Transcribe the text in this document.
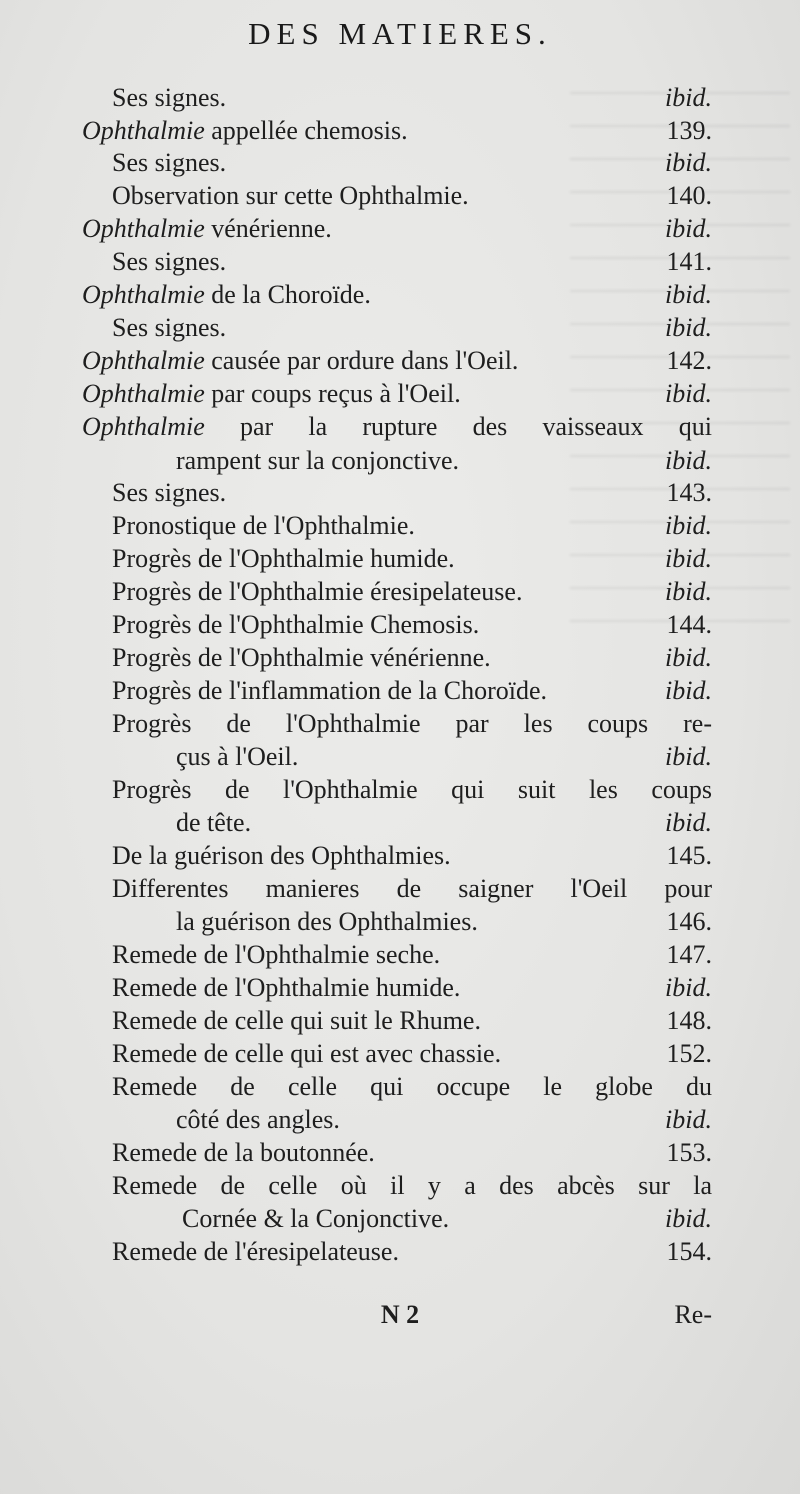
DES MATIERES.
Ses signes.	ibid.
Ophthalmie appellée chemosis.	139.
Ses signes.	ibid.
Observation sur cette Ophthalmie.	140.
Ophthalmie vénérienne.	ibid.
Ses signes.	141.
Ophthalmie de la Choroïde.	ibid.
Ses signes.	ibid.
Ophthalmie causée par ordure dans l'Oeil.	142.
Ophthalmie par coups reçus à l'Oeil.	ibid.
Ophthalmie par la rupture des vaisseaux qui
rampent sur la conjonctive.	ibid.
Ses signes.	143.
Pronostique de l'Ophthalmie.	ibid.
Progrès de l'Ophthalmie humide.	ibid.
Progrès de l'Ophthalmie éresipelateuse.	ibid.
Progrès de l'Ophthalmie Chemosis.	144.
Progrès de l'Ophthalmie vénérienne.	ibid.
Progrès de l'inflammation de la Choroïde.	ibid.
Progrès de l'Ophthalmie par les coups re-
çus à l'Oeil.	ibid.
Progrès de l'Ophthalmie qui suit les coups
de tête.	ibid.
De la guérison des Ophthalmies.	145.
Differentes manieres de saigner l'Oeil pour
la guérison des Ophthalmies.	146.
Remede de l'Ophthalmie seche.	147.
Remede de l'Ophthalmie humide.	ibid.
Remede de celle qui suit le Rhume.	148.
Remede de celle qui est avec chassie.	152.
Remede de celle qui occupe le globe du
côté des angles.	ibid.
Remede de la boutonnée.	153.
Remede de celle où il y a des abcès sur la
Cornée & la Conjonctive.	ibid.
Remede de l'éresipelateuse.	154.
N 2	Re-
